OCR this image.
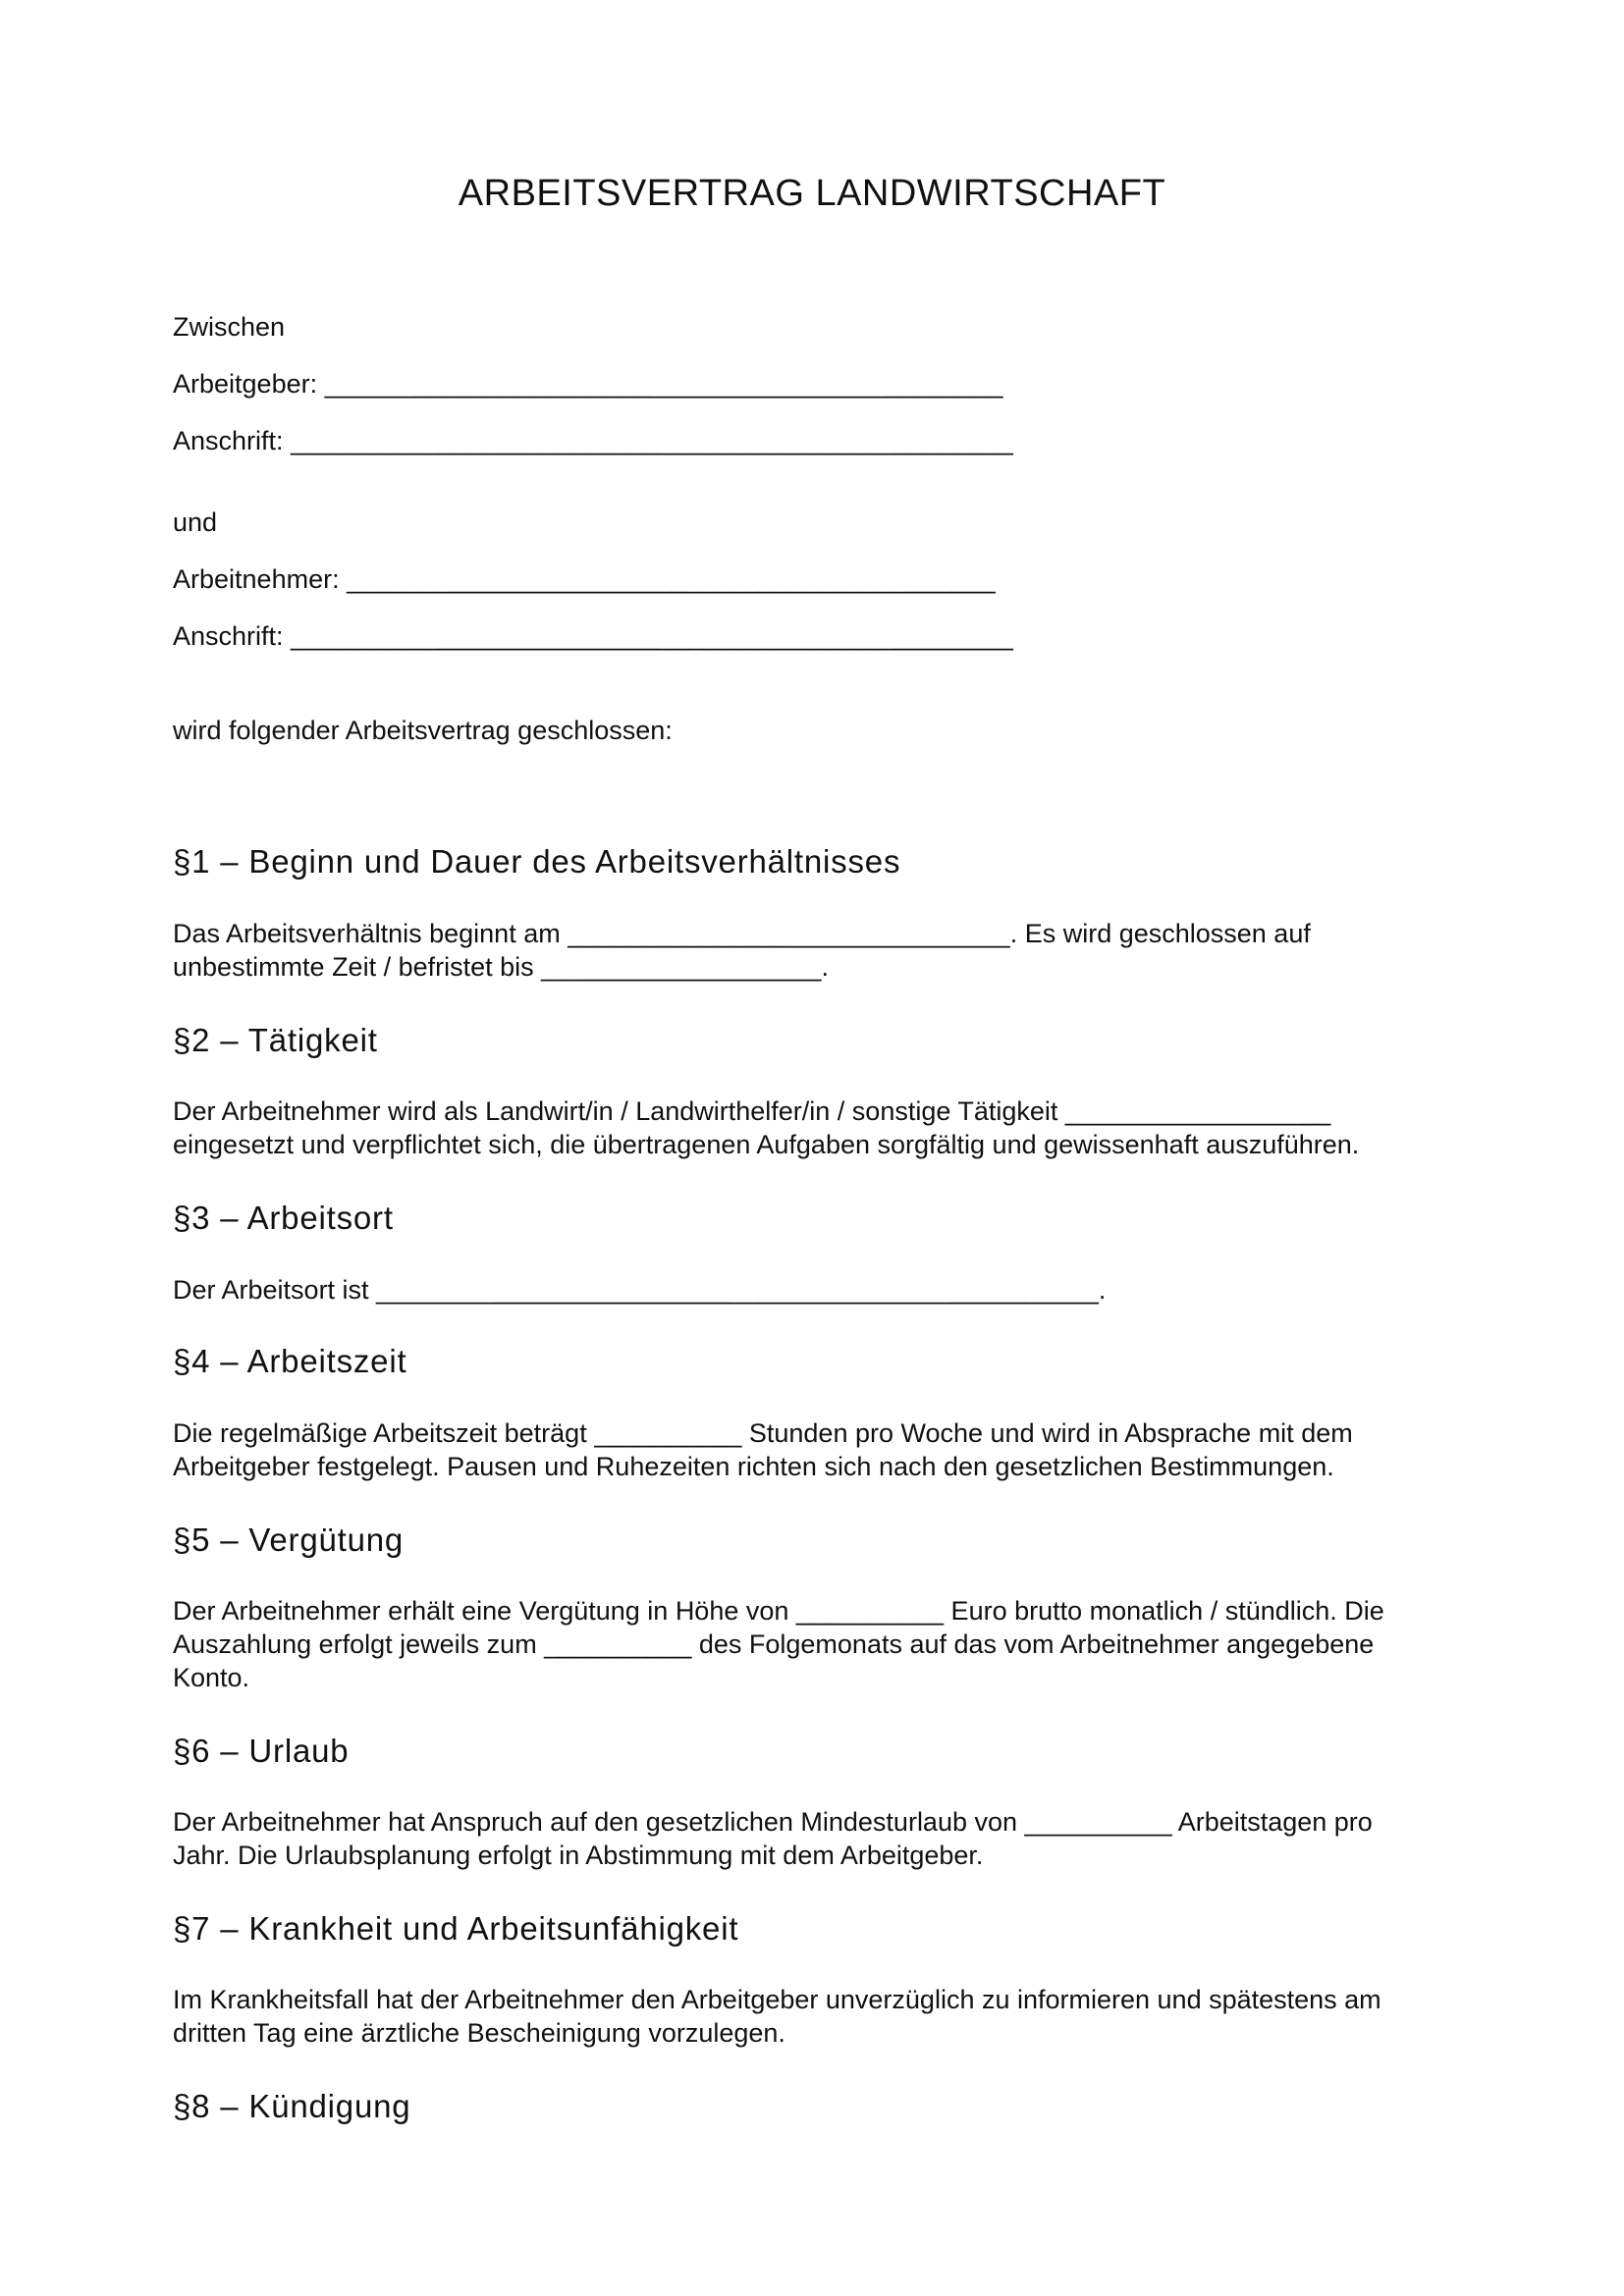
ARBEITSVERTRAG LANDWIRTSCHAFT
Zwischen
Arbeitgeber: ______________________________________________
Anschrift: _________________________________________________
und
Arbeitnehmer: ____________________________________________
Anschrift: _________________________________________________
wird folgender Arbeitsvertrag geschlossen:
§1 – Beginn und Dauer des Arbeitsverhältnisses
Das Arbeitsverhältnis beginnt am ______________________________. Es wird geschlossen auf
unbestimmte Zeit / befristet bis ___________________.
§2 – Tätigkeit
Der Arbeitnehmer wird als Landwirt/in / Landwirthelfer/in / sonstige Tätigkeit __________________
eingesetzt und verpflichtet sich, die übertragenen Aufgaben sorgfältig und gewissenhaft auszuführen.
§3 – Arbeitsort
Der Arbeitsort ist _________________________________________________.
§4 – Arbeitszeit
Die regelmäßige Arbeitszeit beträgt __________ Stunden pro Woche und wird in Absprache mit dem
Arbeitgeber festgelegt. Pausen und Ruhezeiten richten sich nach den gesetzlichen Bestimmungen.
§5 – Vergütung
Der Arbeitnehmer erhält eine Vergütung in Höhe von __________ Euro brutto monatlich / stündlich. Die
Auszahlung erfolgt jeweils zum __________ des Folgemonats auf das vom Arbeitnehmer angegebene
Konto.
§6 – Urlaub
Der Arbeitnehmer hat Anspruch auf den gesetzlichen Mindesturlaub von __________ Arbeitstagen pro
Jahr. Die Urlaubsplanung erfolgt in Abstimmung mit dem Arbeitgeber.
§7 – Krankheit und Arbeitsunfähigkeit
Im Krankheitsfall hat der Arbeitnehmer den Arbeitgeber unverzüglich zu informieren und spätestens am
dritten Tag eine ärztliche Bescheinigung vorzulegen.
§8 – Kündigung
